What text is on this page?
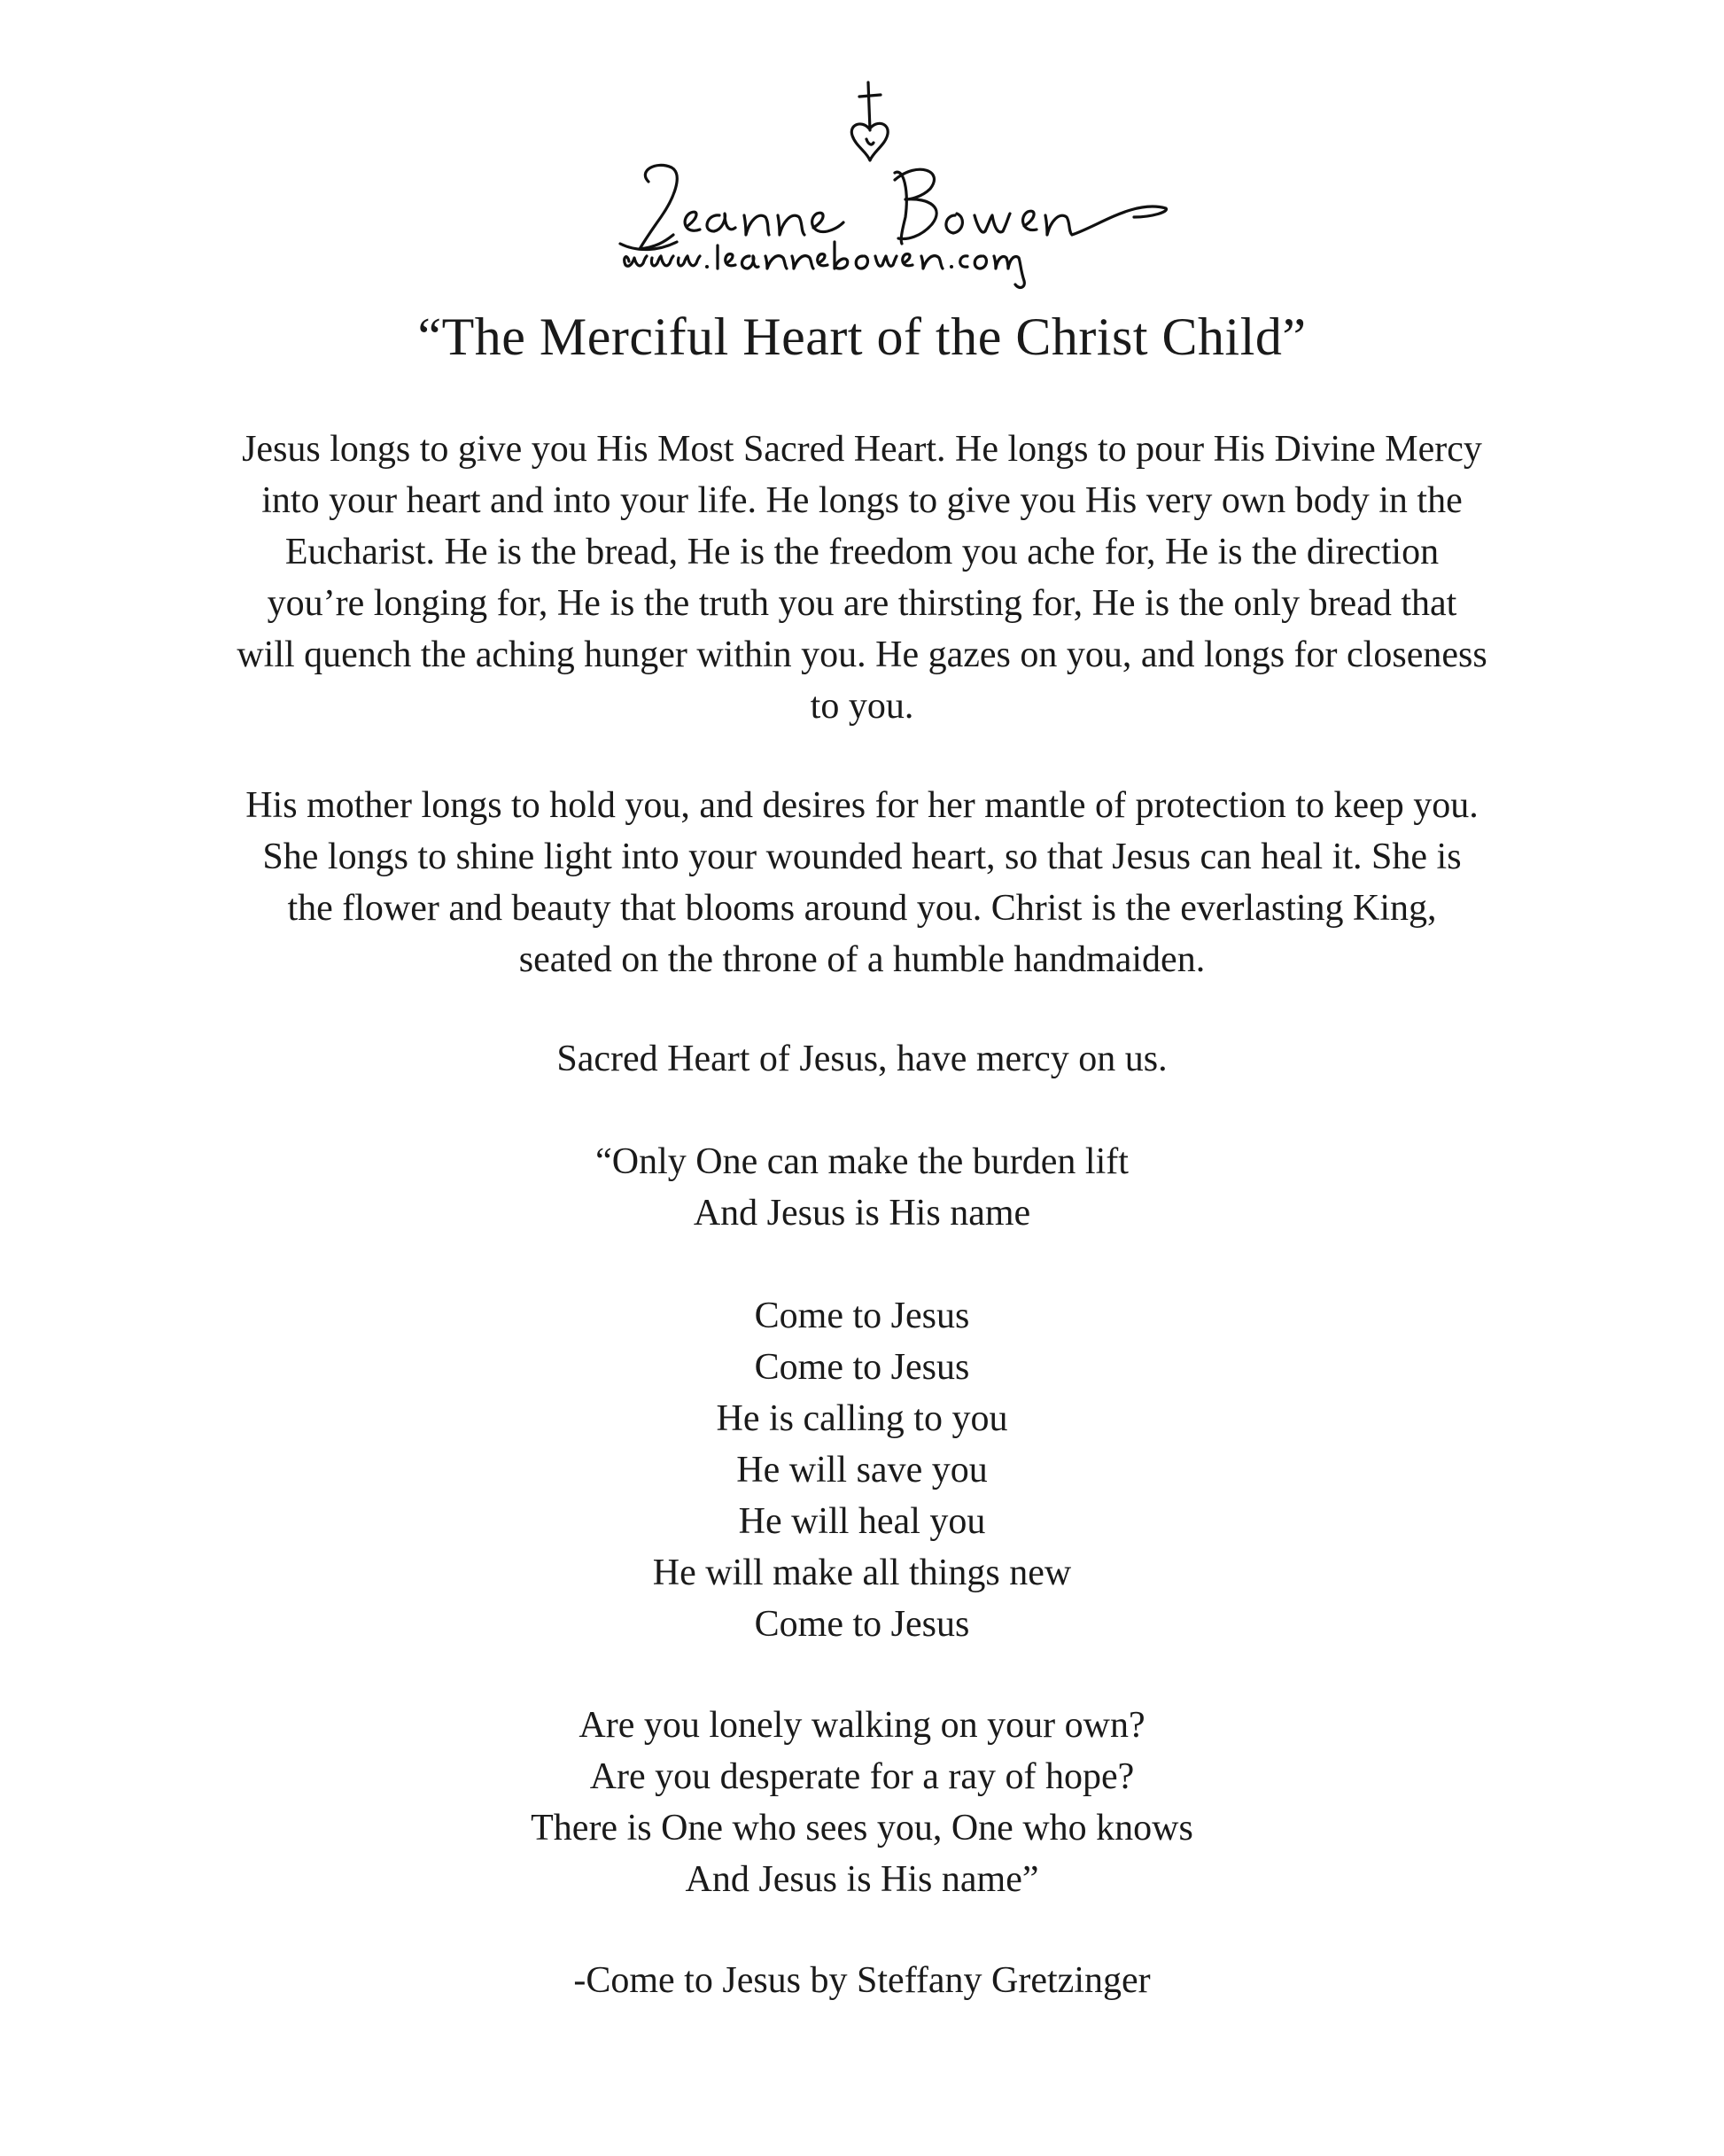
“The Merciful Heart of the Christ Child”
Jesus longs to give you His Most Sacred Heart. He longs to pour His Divine Mercy
into your heart and into your life. He longs to give you His very own body in the
Eucharist. He is the bread, He is the freedom you ache for, He is the direction
you’re longing for, He is the truth you are thirsting for, He is the only bread that
will quench the aching hunger within you. He gazes on you, and longs for closeness
to you.
His mother longs to hold you, and desires for her mantle of protection to keep you.
She longs to shine light into your wounded heart, so that Jesus can heal it. She is
the flower and beauty that blooms around you. Christ is the everlasting King,
seated on the throne of a humble handmaiden.
Sacred Heart of Jesus, have mercy on us.
“Only One can make the burden lift
And Jesus is His name
Come to Jesus
Come to Jesus
He is calling to you
He will save you
He will heal you
He will make all things new
Come to Jesus
Are you lonely walking on your own?
Are you desperate for a ray of hope?
There is One who sees you, One who knows
And Jesus is His name”
-Come to Jesus by Steffany Gretzinger
